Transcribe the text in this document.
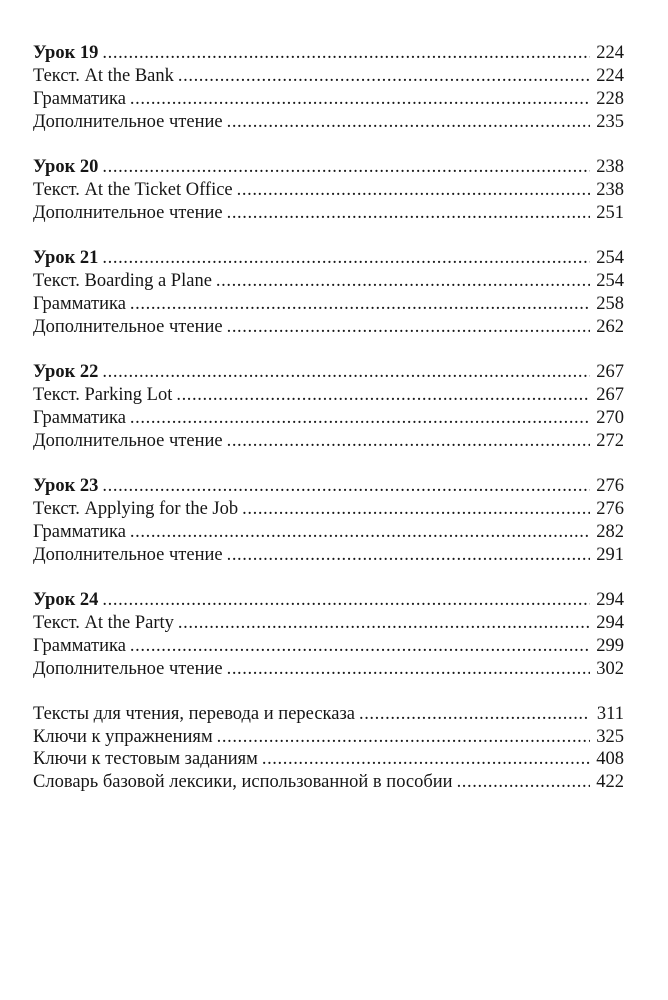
Урок 19 .....	224
Текст. At the Bank .....	224
Грамматика .....	228
Дополнительное чтение .....	235
Урок 20 .....	238
Текст. At the Ticket Office .....	238
Дополнительное чтение .....	251
Урок 21 .....	254
Текст. Boarding a Plane .....	254
Грамматика .....	258
Дополнительное чтение .....	262
Урок 22 .....	267
Текст. Parking Lot .....	267
Грамматика .....	270
Дополнительное чтение .....	272
Урок 23 .....	276
Текст. Applying for the Job .....	276
Грамматика .....	282
Дополнительное чтение .....	291
Урок 24 .....	294
Текст. At the Party .....	294
Грамматика .....	299
Дополнительное чтение .....	302
Тексты для чтения, перевода и пересказа .....	311
Ключи к упражнениям .....	325
Ключи к тестовым заданиям .....	408
Словарь базовой лексики, использованной в пособии .....	422
